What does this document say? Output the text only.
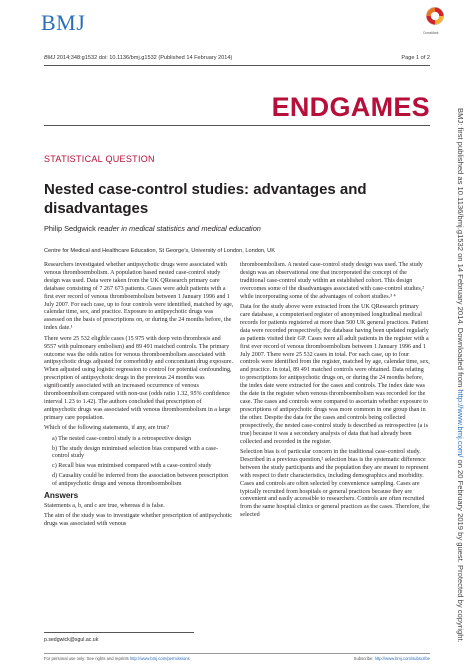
BMJ	CrossMark
BMJ 2014;348:g1532 doi: 10.1136/bmj.g1532 (Published 14 February 2014)	Page 1 of 2
ENDGAMES
STATISTICAL QUESTION
Nested case-control studies: advantages and disadvantages
Philip Sedgwick reader in medical statistics and medical education
Centre for Medical and Healthcare Education, St George’s, University of London, London, UK

Researchers investigated whether antipsychotic drugs were associated with venous thromboembolism. A population based nested case-control study design was used. Data were taken from the UK QResearch primary care database consisting of 7 267 673 patients. Cases were adult patients with a first ever record of venous thromboembolism between 1 January 1996 and 1 July 2007. For each case, up to four controls were identified, matched by age, calendar time, sex, and practice. Exposure to antipsychotic drugs was assessed on the basis of prescriptions on, or during the 24 months before, the index date.¹

There were 25 532 eligible cases (15 975 with deep vein thrombosis and 9557 with pulmonary embolism) and 89 491 matched controls. The primary outcome was the odds ratios for venous thromboembolism associated with antipsychotic drugs adjusted for comorbidity and concomitant drug exposure. When adjusted using logistic regression to control for potential confounding, prescription of antipsychotic drugs in the previous 24 months was significantly associated with an increased occurrence of venous thromboembolism compared with non-use (odds ratio 1.32, 95% confidence interval 1.23 to 1.42). The authors concluded that prescription of antipsychotic drugs was associated with venous thromboembolism in a large primary care population.

Which of the following statements, if any, are true?

a) The nested case-control study is a retrospective design
b) The study design minimised selection bias compared with a case-control study
c) Recall bias was minimised compared with a case-control study
d) Causality could be inferred from the association between prescription of antipsychotic drugs and venous thromboembolism
Answers

Statements a, b, and c are true, whereas d is false.

The aim of the study was to investigate whether prescription of antipsychotic drugs was associated with venous

thromboembolism. A nested case-control study design was used. The study design was an observational one that incorporated the concept of the traditional case-control study within an established cohort. This design overcomes some of the disadvantages associated with case-control studies,² while incorporating some of the advantages of cohort studies.³ ⁴

Data for the study above were extracted from the UK QResearch primary care database, a computerised register of anonymised longitudinal medical records for patients registered at more than 500 UK general practices. Patient data were recorded prospectively, the database having been updated regularly as patients visited their GP. Cases were all adult patients in the register with a first ever record of venous thromboembolism between 1 January 1996 and 1 July 2007. There were 25 532 cases in total. For each case, up to four controls were identified from the register, matched by age, calendar time, sex, and practice. In total, 89 491 matched controls were obtained. Data relating to prescriptions for antipsychotic drugs on, or during the 24 months before, the index date were extracted for the cases and controls. The index date was the date in the register when venous thromboembolism was recorded for the case. The cases and controls were compared to ascertain whether exposure to prescriptions of antipsychotic drugs was more common in one group than in the other. Despite the data for the cases and controls being collected prospectively, the nested case-control study is described as retrospective (a is true) because it was a secondary analysis of data that had already been collected and recorded in the register.

Selection bias is of particular concern in the traditional case-control study. Described in a previous question,² selection bias is the systematic difference between the study participants and the population they are meant to represent with respect to their characteristics, including demographics and morbidity. Cases and controls are often selected by convenience sampling. Cases are typically recruited from hospitals or general practices because they are convenient and easily accessible to researchers. Controls are often recruited from the same hospital clinics or general practices as the cases. Therefore, the selected

p.sedgwick@sgul.ac.uk
For personal use only: See rights and reprints http://www.bmj.com/permissions	Subscribe: http://www.bmj.com/subscribe
BMJ: first published as 10.1136/bmj.g1532 on 14 February 2014. Downloaded from http://www.bmj.com/ on 20 February 2019 by guest. Protected by copyright.
